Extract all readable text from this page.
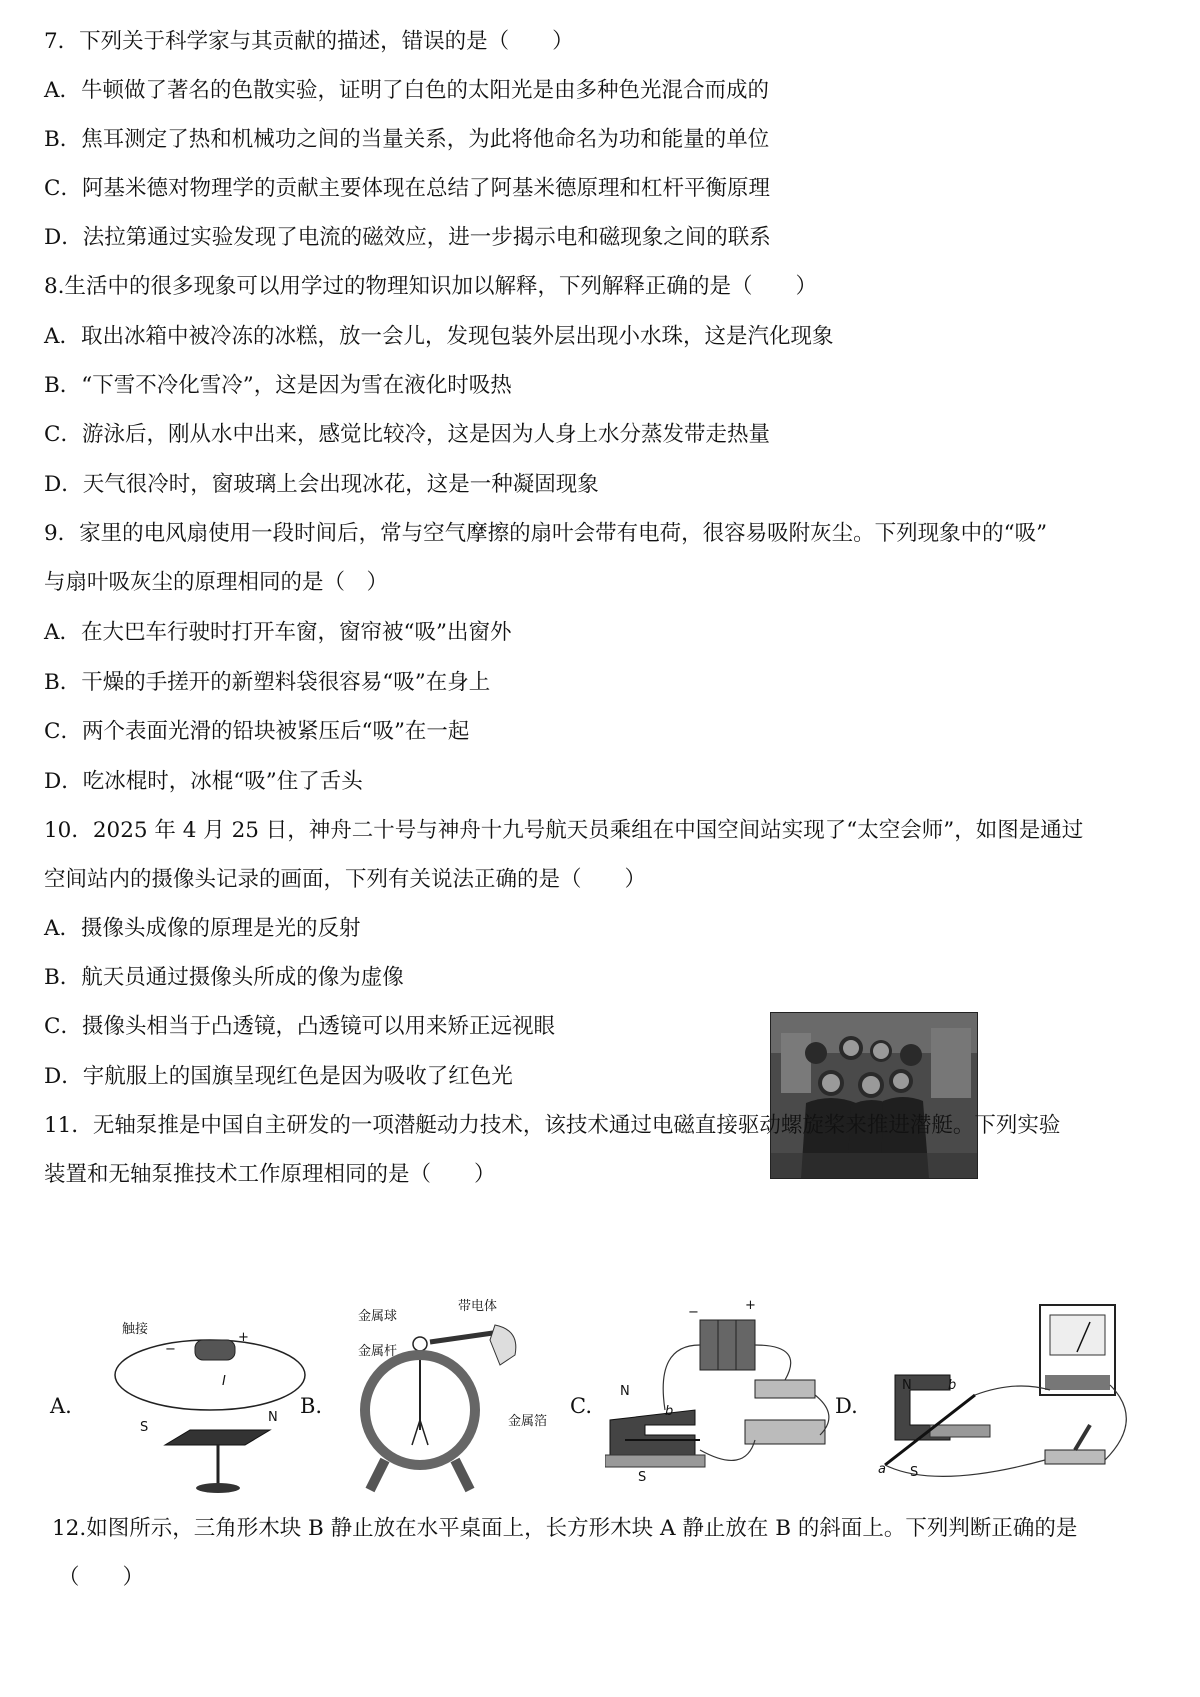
7．下列关于科学家与其贡献的描述，错误的是（　　）
A．牛顿做了著名的色散实验，证明了白色的太阳光是由多种色光混合而成的
B．焦耳测定了热和机械功之间的当量关系，为此将他命名为功和能量的单位
C．阿基米德对物理学的贡献主要体现在总结了阿基米德原理和杠杆平衡原理
D．法拉第通过实验发现了电流的磁效应，进一步揭示电和磁现象之间的联系
8.生活中的很多现象可以用学过的物理知识加以解释，下列解释正确的是（　　）
A．取出冰箱中被冷冻的冰糕，放一会儿，发现包装外层出现小水珠，这是汽化现象
B．“下雪不冷化雪冷”，这是因为雪在液化时吸热
C．游泳后，刚从水中出来，感觉比较冷，这是因为人身上水分蒸发带走热量
D．天气很冷时，窗玻璃上会出现冰花，这是一种凝固现象
9．家里的电风扇使用一段时间后，常与空气摩擦的扇叶会带有电荷，很容易吸附灰尘。下列现象中的“吸”
与扇叶吸灰尘的原理相同的是（　）
A．在大巴车行驶时打开车窗，窗帘被“吸”出窗外
B．干燥的手搓开的新塑料袋很容易“吸”在身上
C．两个表面光滑的铅块被紧压后“吸”在一起
D．吃冰棍时，冰棍“吸”住了舌头
10．2025 年 4 月 25 日，神舟二十号与神舟十九号航天员乘组在中国空间站实现了“太空会师”，如图是通过
空间站内的摄像头记录的画面，下列有关说法正确的是（　　）
A．摄像头成像的原理是光的反射
B．航天员通过摄像头所成的像为虚像
C．摄像头相当于凸透镜，凸透镜可以用来矫正远视眼
D．宇航服上的国旗呈现红色是因为吸收了红色光
11．无轴泵推是中国自主研发的一项潜艇动力技术，该技术通过电磁直接驱动螺旋桨来推进潜艇。下列实验
装置和无轴泵推技术工作原理相同的是（　　）
A.
触接
+
−
I
S
N B.
金属球
金属杆
带电体
金属箔
C.
−	+
N
b
S
D.
N	b
a S
12.如图所示，三角形木块 B 静止放在水平桌面上，长方形木块 A 静止放在 B 的斜面上。下列判断正确的是
（　　）
